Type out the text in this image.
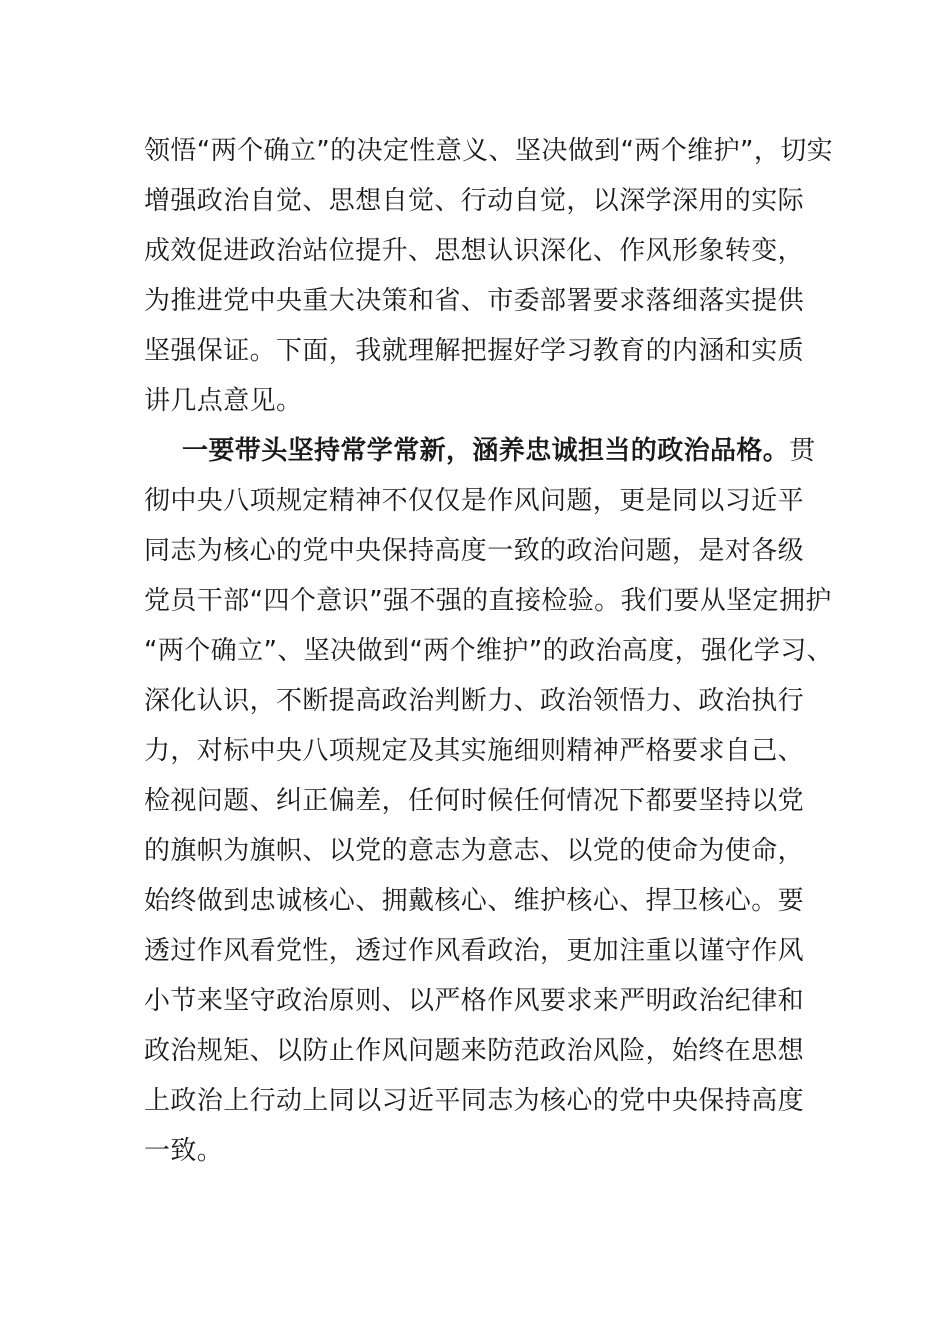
领悟“两个确立”的决定性意义、坚决做到“两个维护”，切实
增强政治自觉、思想自觉、行动自觉，以深学深用的实际
成效促进政治站位提升、思想认识深化、作风形象转变，
为推进党中央重大决策和省、市委部署要求落细落实提供
坚强保证。下面，我就理解把握好学习教育的内涵和实质
讲几点意见。
一要带头坚持常学常新，涵养忠诚担当的政治品格。贯
彻中央八项规定精神不仅仅是作风问题，更是同以习近平
同志为核心的党中央保持高度一致的政治问题，是对各级
党员干部“四个意识”强不强的直接检验。我们要从坚定拥护
“两个确立”、坚决做到“两个维护”的政治高度，强化学习、
深化认识，不断提高政治判断力、政治领悟力、政治执行
力，对标中央八项规定及其实施细则精神严格要求自己、
检视问题、纠正偏差，任何时候任何情况下都要坚持以党
的旗帜为旗帜、以党的意志为意志、以党的使命为使命，
始终做到忠诚核心、拥戴核心、维护核心、捍卫核心。要
透过作风看党性，透过作风看政治，更加注重以谨守作风
小节来坚守政治原则、以严格作风要求来严明政治纪律和
政治规矩、以防止作风问题来防范政治风险，始终在思想
上政治上行动上同以习近平同志为核心的党中央保持高度
一致。
